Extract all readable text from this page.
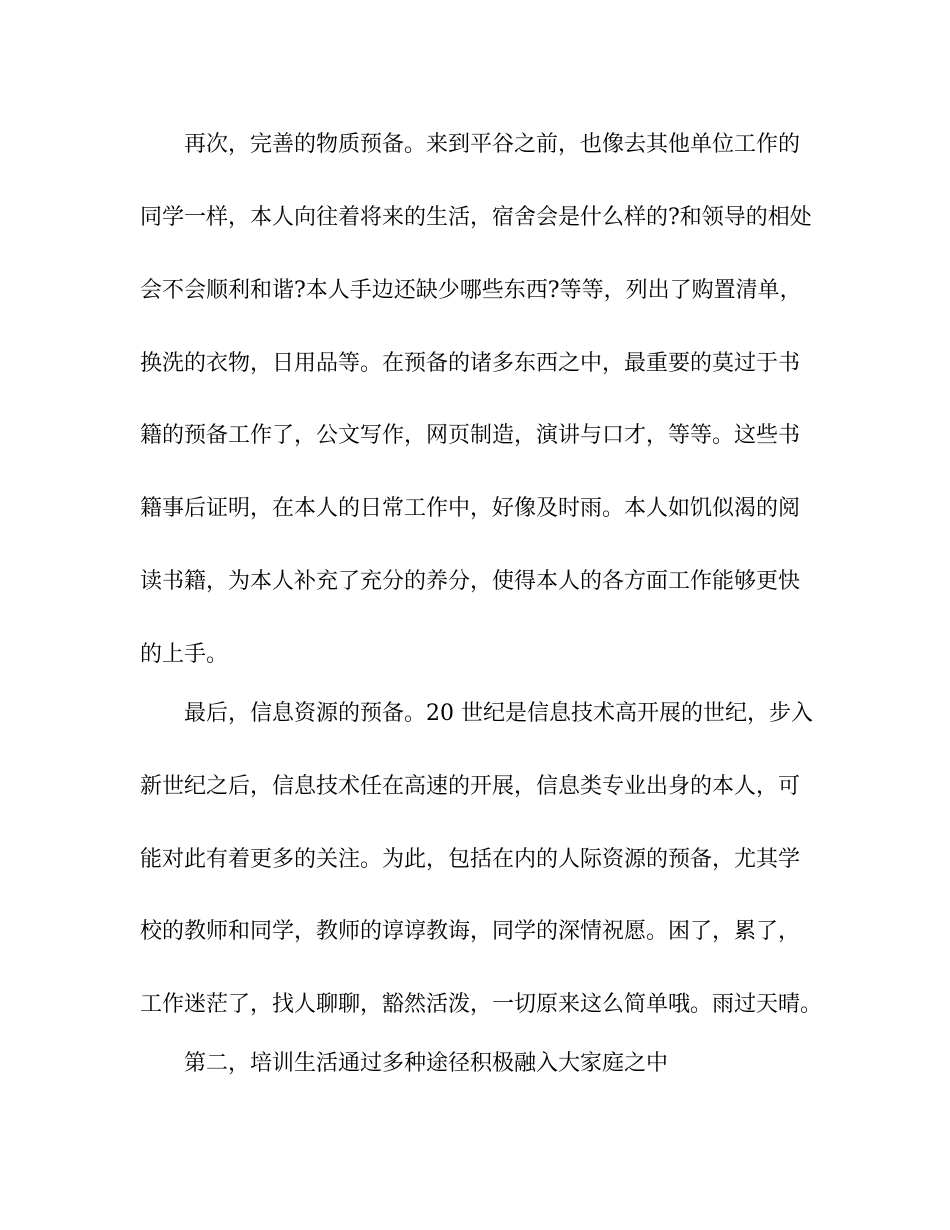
再次，完善的物质预备。来到平谷之前，也像去其他单位工作的
同学一样，本人向往着将来的生活，宿舍会是什么样的?和领导的相处
会不会顺利和谐?本人手边还缺少哪些东西?等等，列出了购置清单，
换洗的衣物，日用品等。在预备的诸多东西之中，最重要的莫过于书
籍的预备工作了，公文写作，网页制造，演讲与口才，等等。这些书
籍事后证明，在本人的日常工作中，好像及时雨。本人如饥似渴的阅
读书籍，为本人补充了充分的养分，使得本人的各方面工作能够更快
的上手。
最后，信息资源的预备。20 世纪是信息技术高开展的世纪，步入
新世纪之后，信息技术任在高速的开展，信息类专业出身的本人，可
能对此有着更多的关注。为此，包括在内的人际资源的预备，尤其学
校的教师和同学，教师的谆谆教诲，同学的深情祝愿。困了，累了，
工作迷茫了，找人聊聊，豁然活泼，一切原来这么简单哦。雨过天晴。
第二，培训生活通过多种途径积极融入大家庭之中
